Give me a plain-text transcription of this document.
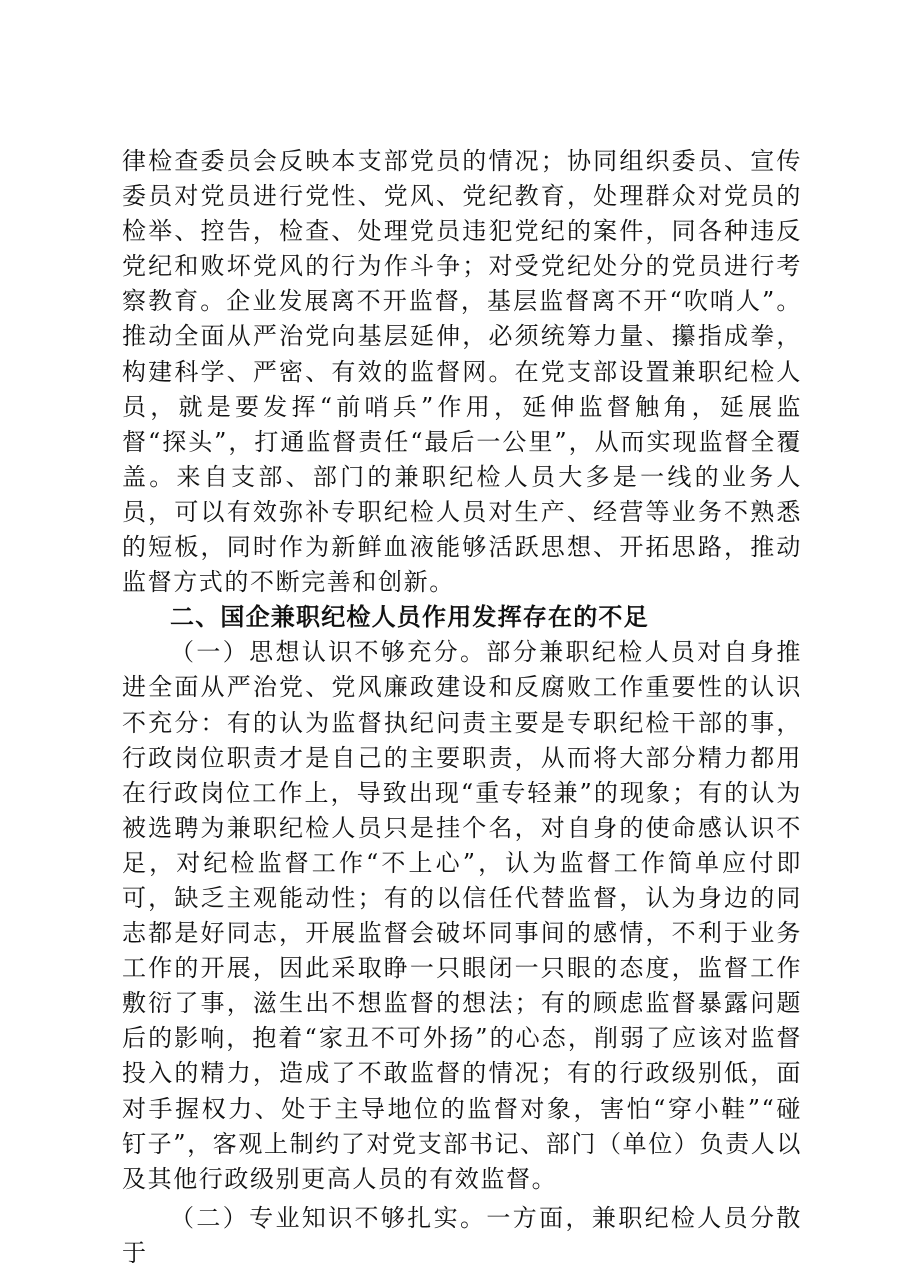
律检查委员会反映本支部党员的情况；协同组织委员、宣传委员对党员进行党性、党风、党纪教育，处理群众对党员的检举、控告，检查、处理党员违犯党纪的案件，同各种违反党纪和败坏党风的行为作斗争；对受党纪处分的党员进行考察教育。企业发展离不开监督，基层监督离不开“吹哨人”。推动全面从严治党向基层延伸，必须统筹力量、攥指成拳，构建科学、严密、有效的监督网。在党支部设置兼职纪检人员，就是要发挥“前哨兵”作用，延伸监督触角，延展监督“探头”，打通监督责任“最后一公里”，从而实现监督全覆盖。来自支部、部门的兼职纪检人员大多是一线的业务人员，可以有效弥补专职纪检人员对生产、经营等业务不熟悉的短板，同时作为新鲜血液能够活跃思想、开拓思路，推动监督方式的不断完善和创新。

二、国企兼职纪检人员作用发挥存在的不足

（一）思想认识不够充分。部分兼职纪检人员对自身推进全面从严治党、党风廉政建设和反腐败工作重要性的认识不充分：有的认为监督执纪问责主要是专职纪检干部的事，行政岗位职责才是自己的主要职责，从而将大部分精力都用在行政岗位工作上，导致出现“重专轻兼”的现象；有的认为被选聘为兼职纪检人员只是挂个名，对自身的使命感认识不足，对纪检监督工作“不上心”，认为监督工作简单应付即可，缺乏主观能动性；有的以信任代替监督，认为身边的同志都是好同志，开展监督会破坏同事间的感情，不利于业务工作的开展，因此采取睁一只眼闭一只眼的态度，监督工作敷衍了事，滋生出不想监督的想法；有的顾虑监督暴露问题后的影响，抱着“家丑不可外扬”的心态，削弱了应该对监督投入的精力，造成了不敢监督的情况；有的行政级别低，面对手握权力、处于主导地位的监督对象，害怕“穿小鞋”“碰钉子”，客观上制约了对党支部书记、部门（单位）负责人以及其他行政级别更高人员的有效监督。

（二）专业知识不够扎实。一方面，兼职纪检人员分散于
